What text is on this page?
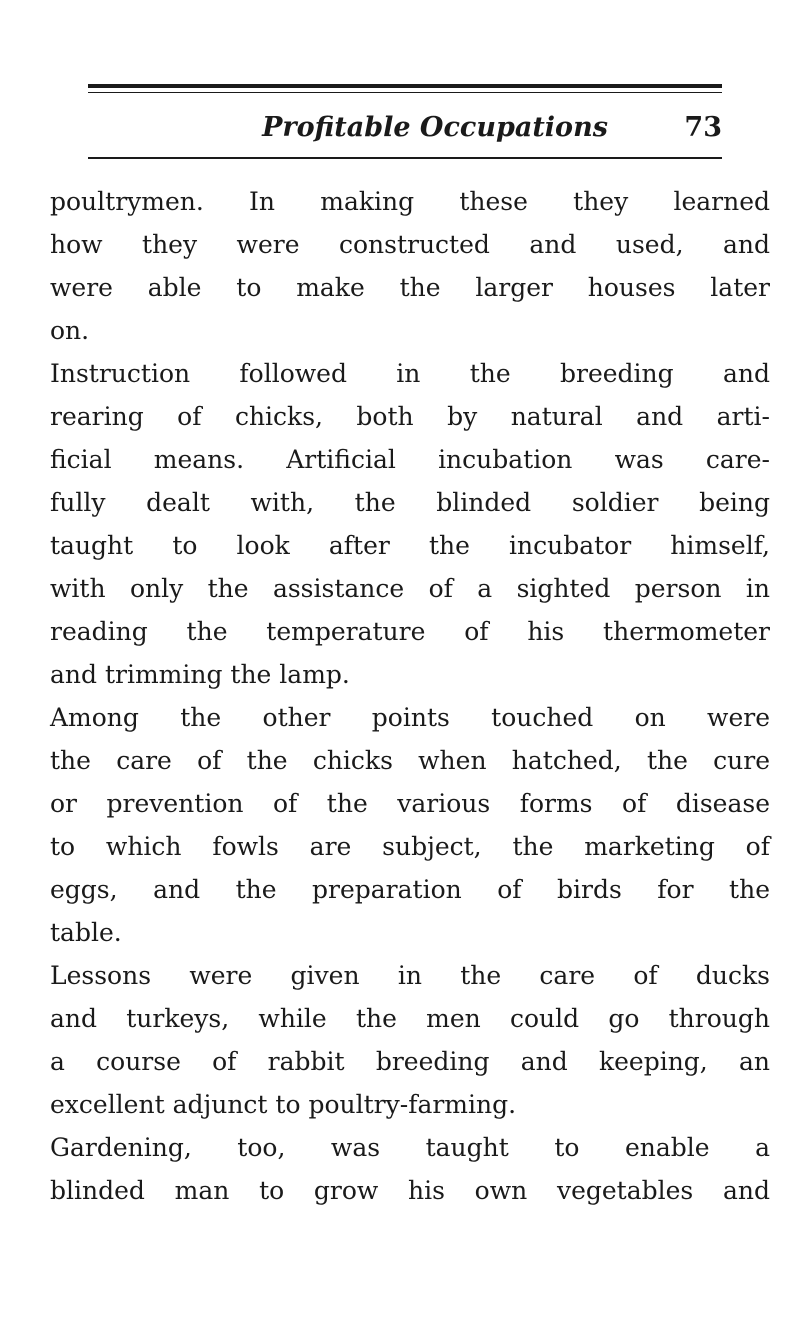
Profitable Occupations	73
poultrymen. In making these they learned
how they were constructed and used, and
were able to make the larger houses later
on.
Instruction followed in the breeding and
rearing of chicks, both by natural and arti-
ficial means. Artificial incubation was care-
fully dealt with, the blinded soldier being
taught to look after the incubator himself,
with only the assistance of a sighted person in
reading the temperature of his thermometer
and trimming the lamp.
Among the other points touched on were
the care of the chicks when hatched, the cure
or prevention of the various forms of disease
to which fowls are subject, the marketing of
eggs, and the preparation of birds for the
table.
Lessons were given in the care of ducks
and turkeys, while the men could go through
a course of rabbit breeding and keeping, an
excellent adjunct to poultry-farming.
Gardening, too, was taught to enable a
blinded man to grow his own vegetables and
